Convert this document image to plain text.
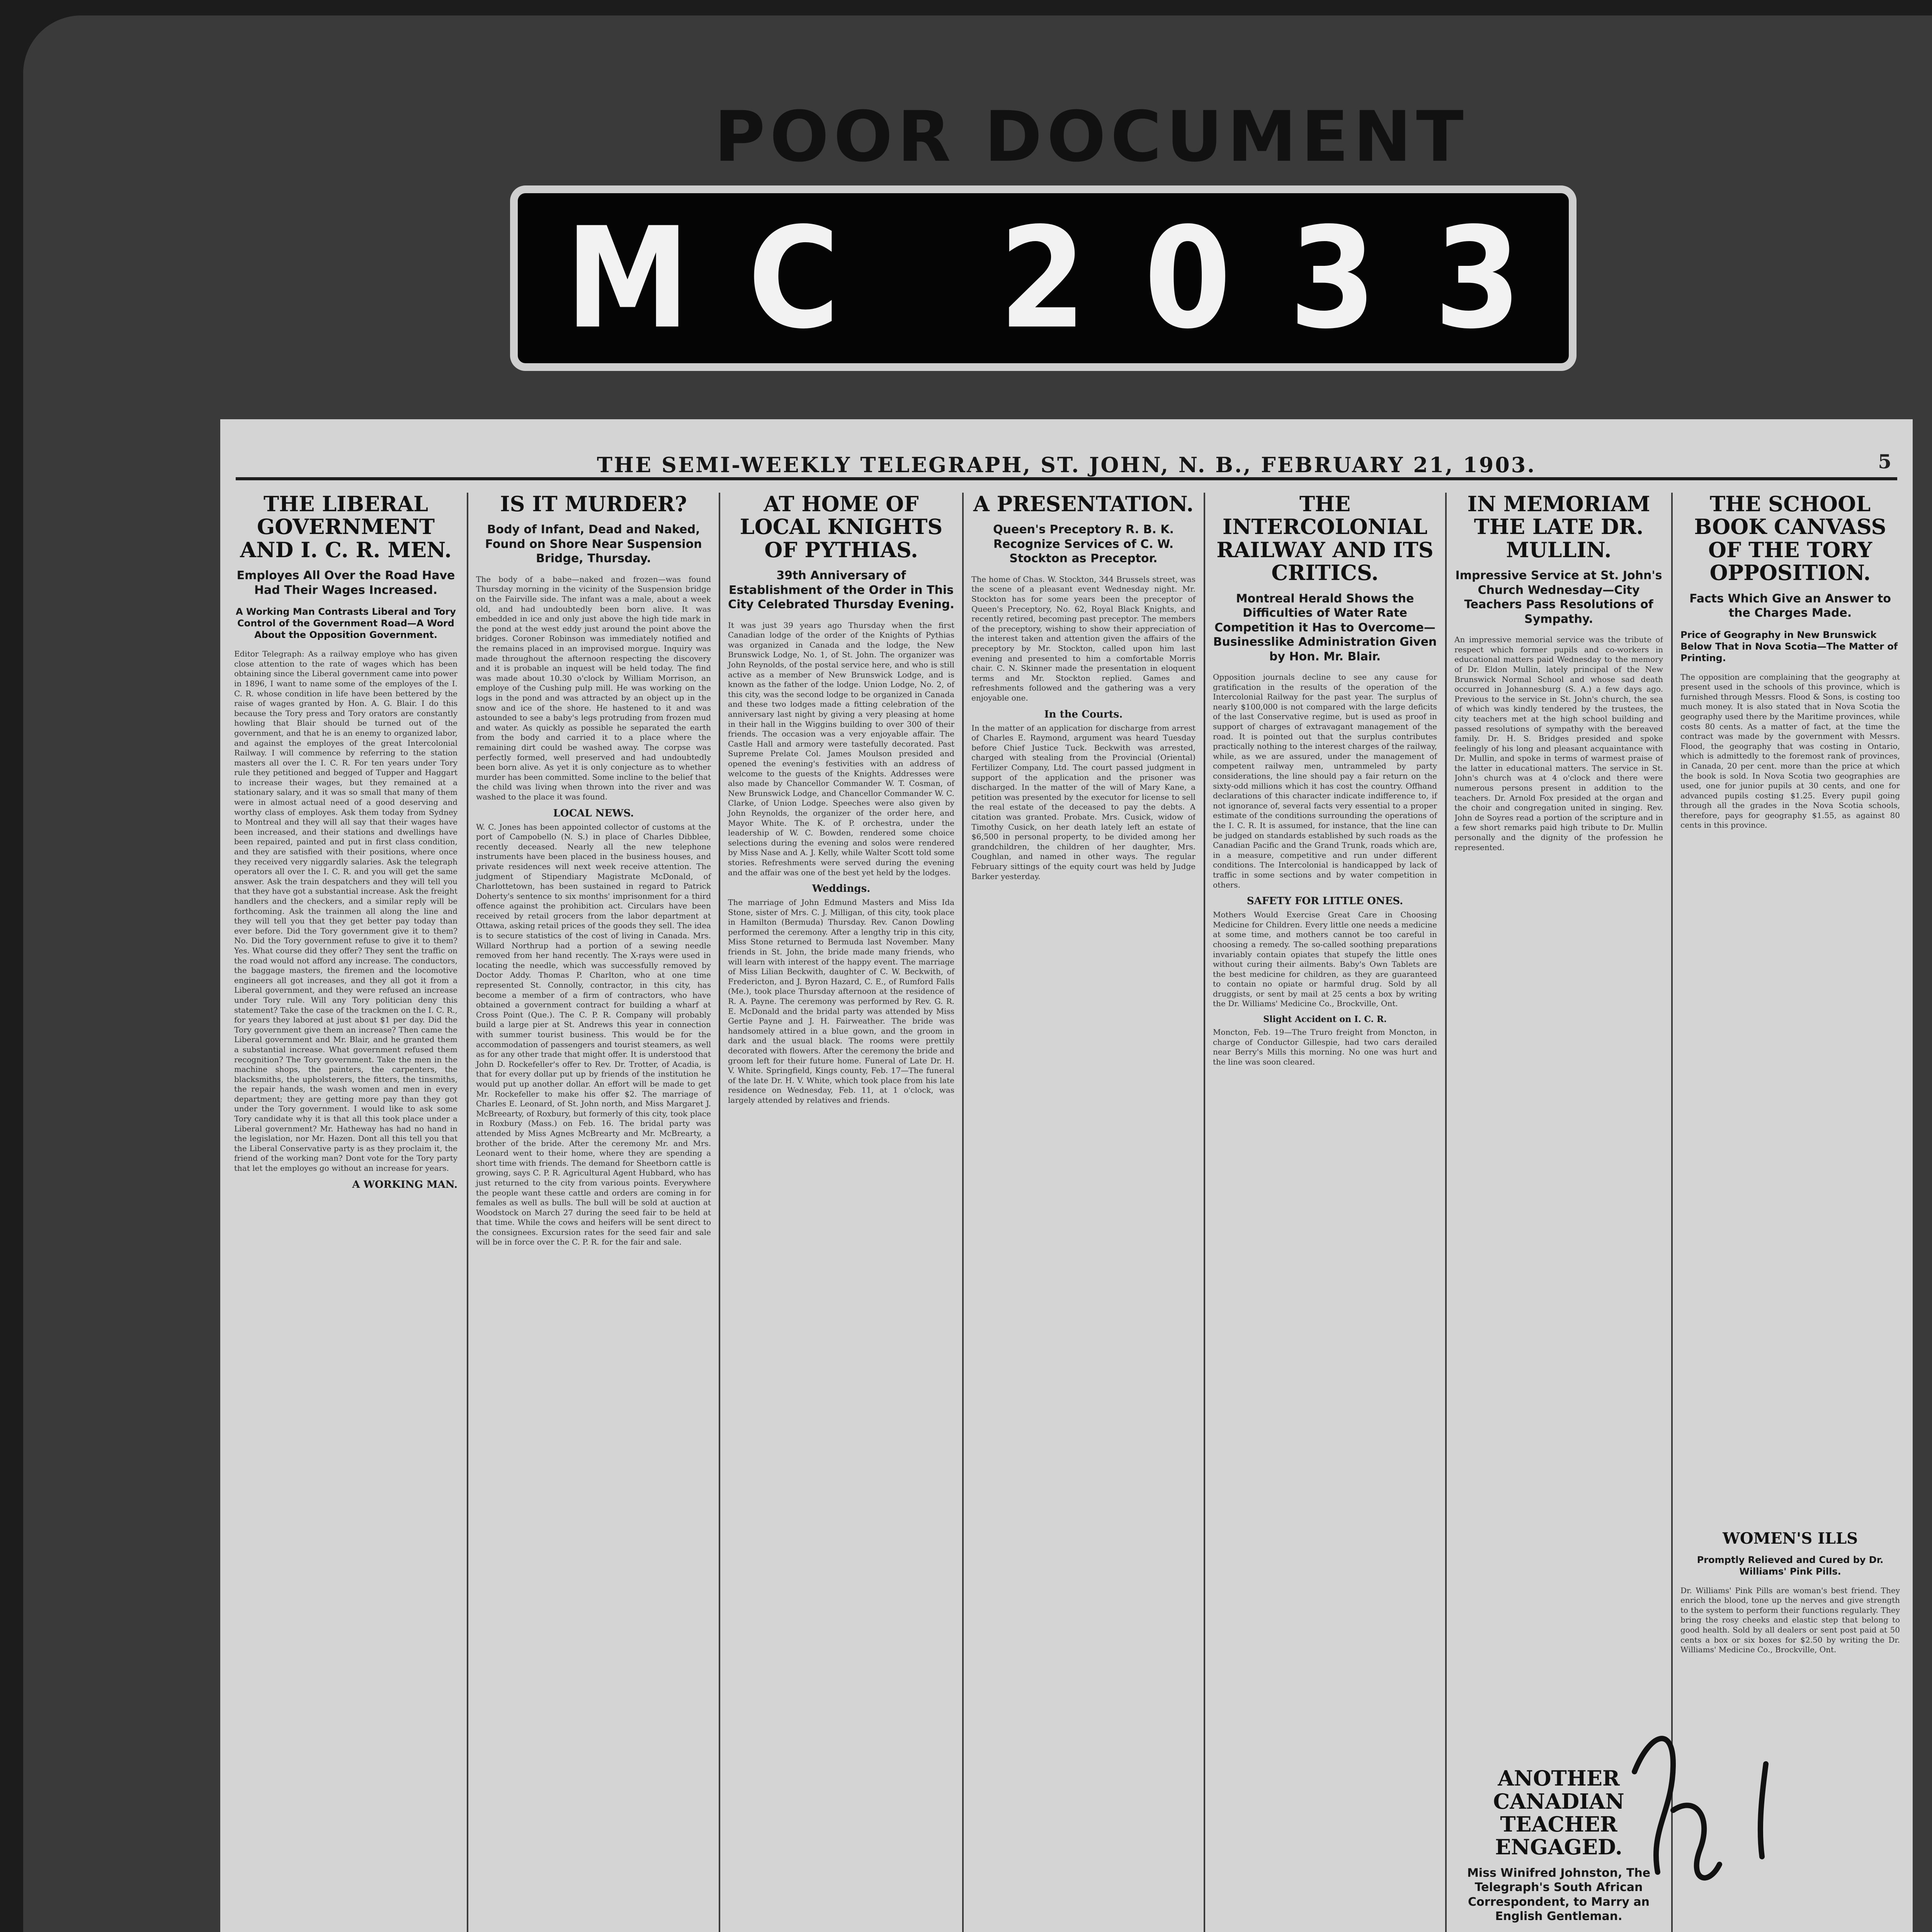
POOR DOCUMENT
MC 2033
THE SEMI-WEEKLY TELEGRAPH, ST. JOHN, N. B., FEBRUARY 21, 1903.	5
THE LIBERAL GOVERNMENT AND I. C. R. MEN.
Employes All Over the Road Have Had Their Wages Increased.
A Working Man Contrasts Liberal and Tory Control of the Government Road—A Word About the Opposition Government.
Editor Telegraph: As a railway employe who has given close attention to the rate of wages which has been obtaining since the Liberal government came into power in 1896, I want to name some of the employes of the I. C. R. whose condition in life have been bettered by the raise of wages granted by Hon. A. G. Blair. I do this because the Tory press and Tory orators are constantly howling that Blair should be turned out of the government, and that he is an enemy to organized labor, and against the employes of the great Intercolonial Railway. I will commence by referring to the station masters all over the I. C. R. For ten years under Tory rule they petitioned and begged of Tupper and Haggart to increase their wages, but they remained at a stationary salary, and it was so small that many of them were in almost actual need of a good deserving and worthy class of employes. Ask them today from Sydney to Montreal and they will all say that their wages have been increased, and their stations and dwellings have been repaired, painted and put in first class condition, and they are satisfied with their positions, where once they received very niggardly salaries. Ask the telegraph operators all over the I. C. R. and you will get the same answer. Ask the train despatchers and they will tell you that they have got a substantial increase. Ask the freight handlers and the checkers, and a similar reply will be forthcoming. Ask the trainmen all along the line and they will tell you that they get better pay today than ever before. Did the Tory government give it to them? No. Did the Tory government refuse to give it to them? Yes. What course did they offer? They sent the traffic on the road would not afford any increase. The conductors, the baggage masters, the firemen and the locomotive engineers all got increases, and they all got it from a Liberal government, and they were refused an increase under Tory rule. Will any Tory politician deny this statement? Take the case of the trackmen on the I. C. R., for years they labored at just about $1 per day. Did the Tory government give them an increase? Then came the Liberal government and Mr. Blair, and he granted them a substantial increase. What government refused them recognition? The Tory government. Take the men in the machine shops, the painters, the carpenters, the blacksmiths, the upholsterers, the fitters, the tinsmiths, the repair hands, the wash women and men in every department; they are getting more pay than they got under the Tory government. I would like to ask some Tory candidate why it is that all this took place under a Liberal government? Mr. Hatheway has had no hand in the legislation, nor Mr. Hazen. Dont all this tell you that the Liberal Conservative party is as they proclaim it, the friend of the working man? Dont vote for the Tory party that let the employes go without an increase for years.
A WORKING MAN.
IS IT MURDER?
Body of Infant, Dead and Naked, Found on Shore Near Suspension Bridge, Thursday.
The body of a babe—naked and frozen—was found Thursday morning in the vicinity of the Suspension bridge on the Fairville side. The infant was a male, about a week old, and had undoubtedly been born alive. It was embedded in ice and only just above the high tide mark in the pond at the west eddy just around the point above the bridges. Coroner Robinson was immediately notified and the remains placed in an improvised morgue. Inquiry was made throughout the afternoon respecting the discovery and it is probable an inquest will be held today. The find was made about 10.30 o'clock by William Morrison, an employe of the Cushing pulp mill. He was working on the logs in the pond and was attracted by an object up in the snow and ice of the shore. He hastened to it and was astounded to see a baby's legs protruding from frozen mud and water. As quickly as possible he separated the earth from the body and carried it to a place where the remaining dirt could be washed away. The corpse was perfectly formed, well preserved and had undoubtedly been born alive. As yet it is only conjecture as to whether murder has been committed. Some incline to the belief that the child was living when thrown into the river and was washed to the place it was found.
LOCAL NEWS.
W. C. Jones has been appointed collector of customs at the port of Campobello (N. S.) in place of Charles Dibblee, recently deceased. Nearly all the new telephone instruments have been placed in the business houses, and private residences will next week receive attention. The judgment of Stipendiary Magistrate McDonald, of Charlottetown, has been sustained in regard to Patrick Doherty's sentence to six months' imprisonment for a third offence against the prohibition act. Circulars have been received by retail grocers from the labor department at Ottawa, asking retail prices of the goods they sell. The idea is to secure statistics of the cost of living in Canada. Mrs. Willard Northrup had a portion of a sewing needle removed from her hand recently. The X-rays were used in locating the needle, which was successfully removed by Doctor Addy. Thomas P. Charlton, who at one time represented St. Connolly, contractor, in this city, has become a member of a firm of contractors, who have obtained a government contract for building a wharf at Cross Point (Que.). The C. P. R. Company will probably build a large pier at St. Andrews this year in connection with summer tourist business. This would be for the accommodation of passengers and tourist steamers, as well as for any other trade that might offer. It is understood that John D. Rockefeller's offer to Rev. Dr. Trotter, of Acadia, is that for every dollar put up by friends of the institution he would put up another dollar. An effort will be made to get Mr. Rockefeller to make his offer $2. The marriage of Charles E. Leonard, of St. John north, and Miss Margaret J. McBreearty, of Roxbury, but formerly of this city, took place in Roxbury (Mass.) on Feb. 16. The bridal party was attended by Miss Agnes McBrearty and Mr. McBrearty, a brother of the bride. After the ceremony Mr. and Mrs. Leonard went to their home, where they are spending a short time with friends. The demand for Sheetborn cattle is growing, says C. P. R. Agricultural Agent Hubbard, who has just returned to the city from various points. Everywhere the people want these cattle and orders are coming in for females as well as bulls. The bull will be sold at auction at Woodstock on March 27 during the seed fair to be held at that time. While the cows and heifers will be sent direct to the consignees. Excursion rates for the seed fair and sale will be in force over the C. P. R. for the fair and sale.
AT HOME OF LOCAL KNIGHTS OF PYTHIAS.
39th Anniversary of Establishment of the Order in This City Celebrated Thursday Evening.
It was just 39 years ago Thursday when the first Canadian lodge of the order of the Knights of Pythias was organized in Canada and the lodge, the New Brunswick Lodge, No. 1, of St. John. The organizer was John Reynolds, of the postal service here, and who is still active as a member of New Brunswick Lodge, and is known as the father of the lodge. Union Lodge, No. 2, of this city, was the second lodge to be organized in Canada and these two lodges made a fitting celebration of the anniversary last night by giving a very pleasing at home in their hall in the Wiggins building to over 300 of their friends. The occasion was a very enjoyable affair. The Castle Hall and armory were tastefully decorated. Past Supreme Prelate Col. James Moulson presided and opened the evening's festivities with an address of welcome to the guests of the Knights. Addresses were also made by Chancellor Commander W. T. Cosman, of New Brunswick Lodge, and Chancellor Commander W. C. Clarke, of Union Lodge. Speeches were also given by John Reynolds, the organizer of the order here, and Mayor White. The K. of P. orchestra, under the leadership of W. C. Bowden, rendered some choice selections during the evening and solos were rendered by Miss Nase and A. J. Kelly, while Walter Scott told some stories. Refreshments were served during the evening and the affair was one of the best yet held by the lodges.
Weddings.
The marriage of John Edmund Masters and Miss Ida Stone, sister of Mrs. C. J. Milligan, of this city, took place in Hamilton (Bermuda) Thursday. Rev. Canon Dowling performed the ceremony. After a lengthy trip in this city, Miss Stone returned to Bermuda last November. Many friends in St. John, the bride made many friends, who will learn with interest of the happy event. The marriage of Miss Lilian Beckwith, daughter of C. W. Beckwith, of Fredericton, and J. Byron Hazard, C. E., of Rumford Falls (Me.), took place Thursday afternoon at the residence of R. A. Payne. The ceremony was performed by Rev. G. R. E. McDonald and the bridal party was attended by Miss Gertie Payne and J. H. Fairweather. The bride was handsomely attired in a blue gown, and the groom in dark and the usual black. The rooms were prettily decorated with flowers. After the ceremony the bride and groom left for their future home. Funeral of Late Dr. H. V. White. Springfield, Kings county, Feb. 17—The funeral of the late Dr. H. V. White, which took place from his late residence on Wednesday, Feb. 11, at 1 o'clock, was largely attended by relatives and friends.
A PRESENTATION.
Queen's Preceptory R. B. K. Recognize Services of C. W. Stockton as Preceptor.
The home of Chas. W. Stockton, 344 Brussels street, was the scene of a pleasant event Wednesday night. Mr. Stockton has for some years been the preceptor of Queen's Preceptory, No. 62, Royal Black Knights, and recently retired, becoming past preceptor. The members of the preceptory, wishing to show their appreciation of the interest taken and attention given the affairs of the preceptory by Mr. Stockton, called upon him last evening and presented to him a comfortable Morris chair. C. N. Skinner made the presentation in eloquent terms and Mr. Stockton replied. Games and refreshments followed and the gathering was a very enjoyable one.
In the Courts.
In the matter of an application for discharge from arrest of Charles E. Raymond, argument was heard Tuesday before Chief Justice Tuck. Beckwith was arrested, charged with stealing from the Provincial (Oriental) Fertilizer Company, Ltd. The court passed judgment in support of the application and the prisoner was discharged. In the matter of the will of Mary Kane, a petition was presented by the executor for license to sell the real estate of the deceased to pay the debts. A citation was granted. Probate. Mrs. Cusick, widow of Timothy Cusick, on her death lately left an estate of $6,500 in personal property, to be divided among her grandchildren, the children of her daughter, Mrs. Coughlan, and named in other ways. The regular February sittings of the equity court was held by Judge Barker yesterday.
THE INTERCOLONIAL RAILWAY AND ITS CRITICS.
Montreal Herald Shows the Difficulties of Water Rate Competition it Has to Overcome—Businesslike Administration Given by Hon. Mr. Blair.
Opposition journals decline to see any cause for gratification in the results of the operation of the Intercolonial Railway for the past year. The surplus of nearly $100,000 is not compared with the large deficits of the last Conservative regime, but is used as proof in support of charges of extravagant management of the road. It is pointed out that the surplus contributes practically nothing to the interest charges of the railway, while, as we are assured, under the management of competent railway men, untrammeled by party considerations, the line should pay a fair return on the sixty-odd millions which it has cost the country. Offhand declarations of this character indicate indifference to, if not ignorance of, several facts very essential to a proper estimate of the conditions surrounding the operations of the I. C. R. It is assumed, for instance, that the line can be judged on standards established by such roads as the Canadian Pacific and the Grand Trunk, roads which are, in a measure, competitive and run under different conditions. The Intercolonial is handicapped by lack of traffic in some sections and by water competition in others.
SAFETY FOR LITTLE ONES.
Mothers Would Exercise Great Care in Choosing Medicine for Children. Every little one needs a medicine at some time, and mothers cannot be too careful in choosing a remedy. The so-called soothing preparations invariably contain opiates that stupefy the little ones without curing their ailments. Baby's Own Tablets are the best medicine for children, as they are guaranteed to contain no opiate or harmful drug. Sold by all druggists, or sent by mail at 25 cents a box by writing the Dr. Williams' Medicine Co., Brockville, Ont.
Slight Accident on I. C. R.
Moncton, Feb. 19—The Truro freight from Moncton, in charge of Conductor Gillespie, had two cars derailed near Berry's Mills this morning. No one was hurt and the line was soon cleared.
IN MEMORIAM THE LATE DR. MULLIN.
Impressive Service at St. John's Church Wednesday—City Teachers Pass Resolutions of Sympathy.
An impressive memorial service was the tribute of respect which former pupils and co-workers in educational matters paid Wednesday to the memory of Dr. Eldon Mullin, lately principal of the New Brunswick Normal School and whose sad death occurred in Johannesburg (S. A.) a few days ago. Previous to the service in St. John's church, the sea of which was kindly tendered by the trustees, the city teachers met at the high school building and passed resolutions of sympathy with the bereaved family. Dr. H. S. Bridges presided and spoke feelingly of his long and pleasant acquaintance with Dr. Mullin, and spoke in terms of warmest praise of the latter in educational matters. The service in St. John's church was at 4 o'clock and there were numerous persons present in addition to the teachers. Dr. Arnold Fox presided at the organ and the choir and congregation united in singing. Rev. John de Soyres read a portion of the scripture and in a few short remarks paid high tribute to Dr. Mullin personally and the dignity of the profession he represented.
ANOTHER CANADIAN TEACHER ENGAGED.
Miss Winifred Johnston, The Telegraph's South African Correspondent, to Marry an English Gentleman.
THE SCHOOL BOOK CANVASS OF THE TORY OPPOSITION.
Facts Which Give an Answer to the Charges Made.
Price of Geography in New Brunswick Below That in Nova Scotia—The Matter of Printing.
The opposition are complaining that the geography at present used in the schools of this province, which is furnished through Messrs. Flood & Sons, is costing too much money. It is also stated that in Nova Scotia the geography used there by the Maritime provinces, while costs 80 cents. As a matter of fact, at the time the contract was made by the government with Messrs. Flood, the geography that was costing in Ontario, which is admittedly to the foremost rank of provinces, in Canada, 20 per cent. more than the price at which the book is sold. In Nova Scotia two geographies are used, one for junior pupils at 30 cents, and one for advanced pupils costing $1.25. Every pupil going through all the grades in the Nova Scotia schools, therefore, pays for geography $1.55, as against 80 cents in this province.
WOMEN'S ILLS
Promptly Relieved and Cured by Dr. Williams' Pink Pills.
Dr. Williams' Pink Pills are woman's best friend. They enrich the blood, tone up the nerves and give strength to the system to perform their functions regularly. They bring the rosy cheeks and elastic step that belong to good health. Sold by all dealers or sent post paid at 50 cents a box or six boxes for $2.50 by writing the Dr. Williams' Medicine Co., Brockville, Ont.
